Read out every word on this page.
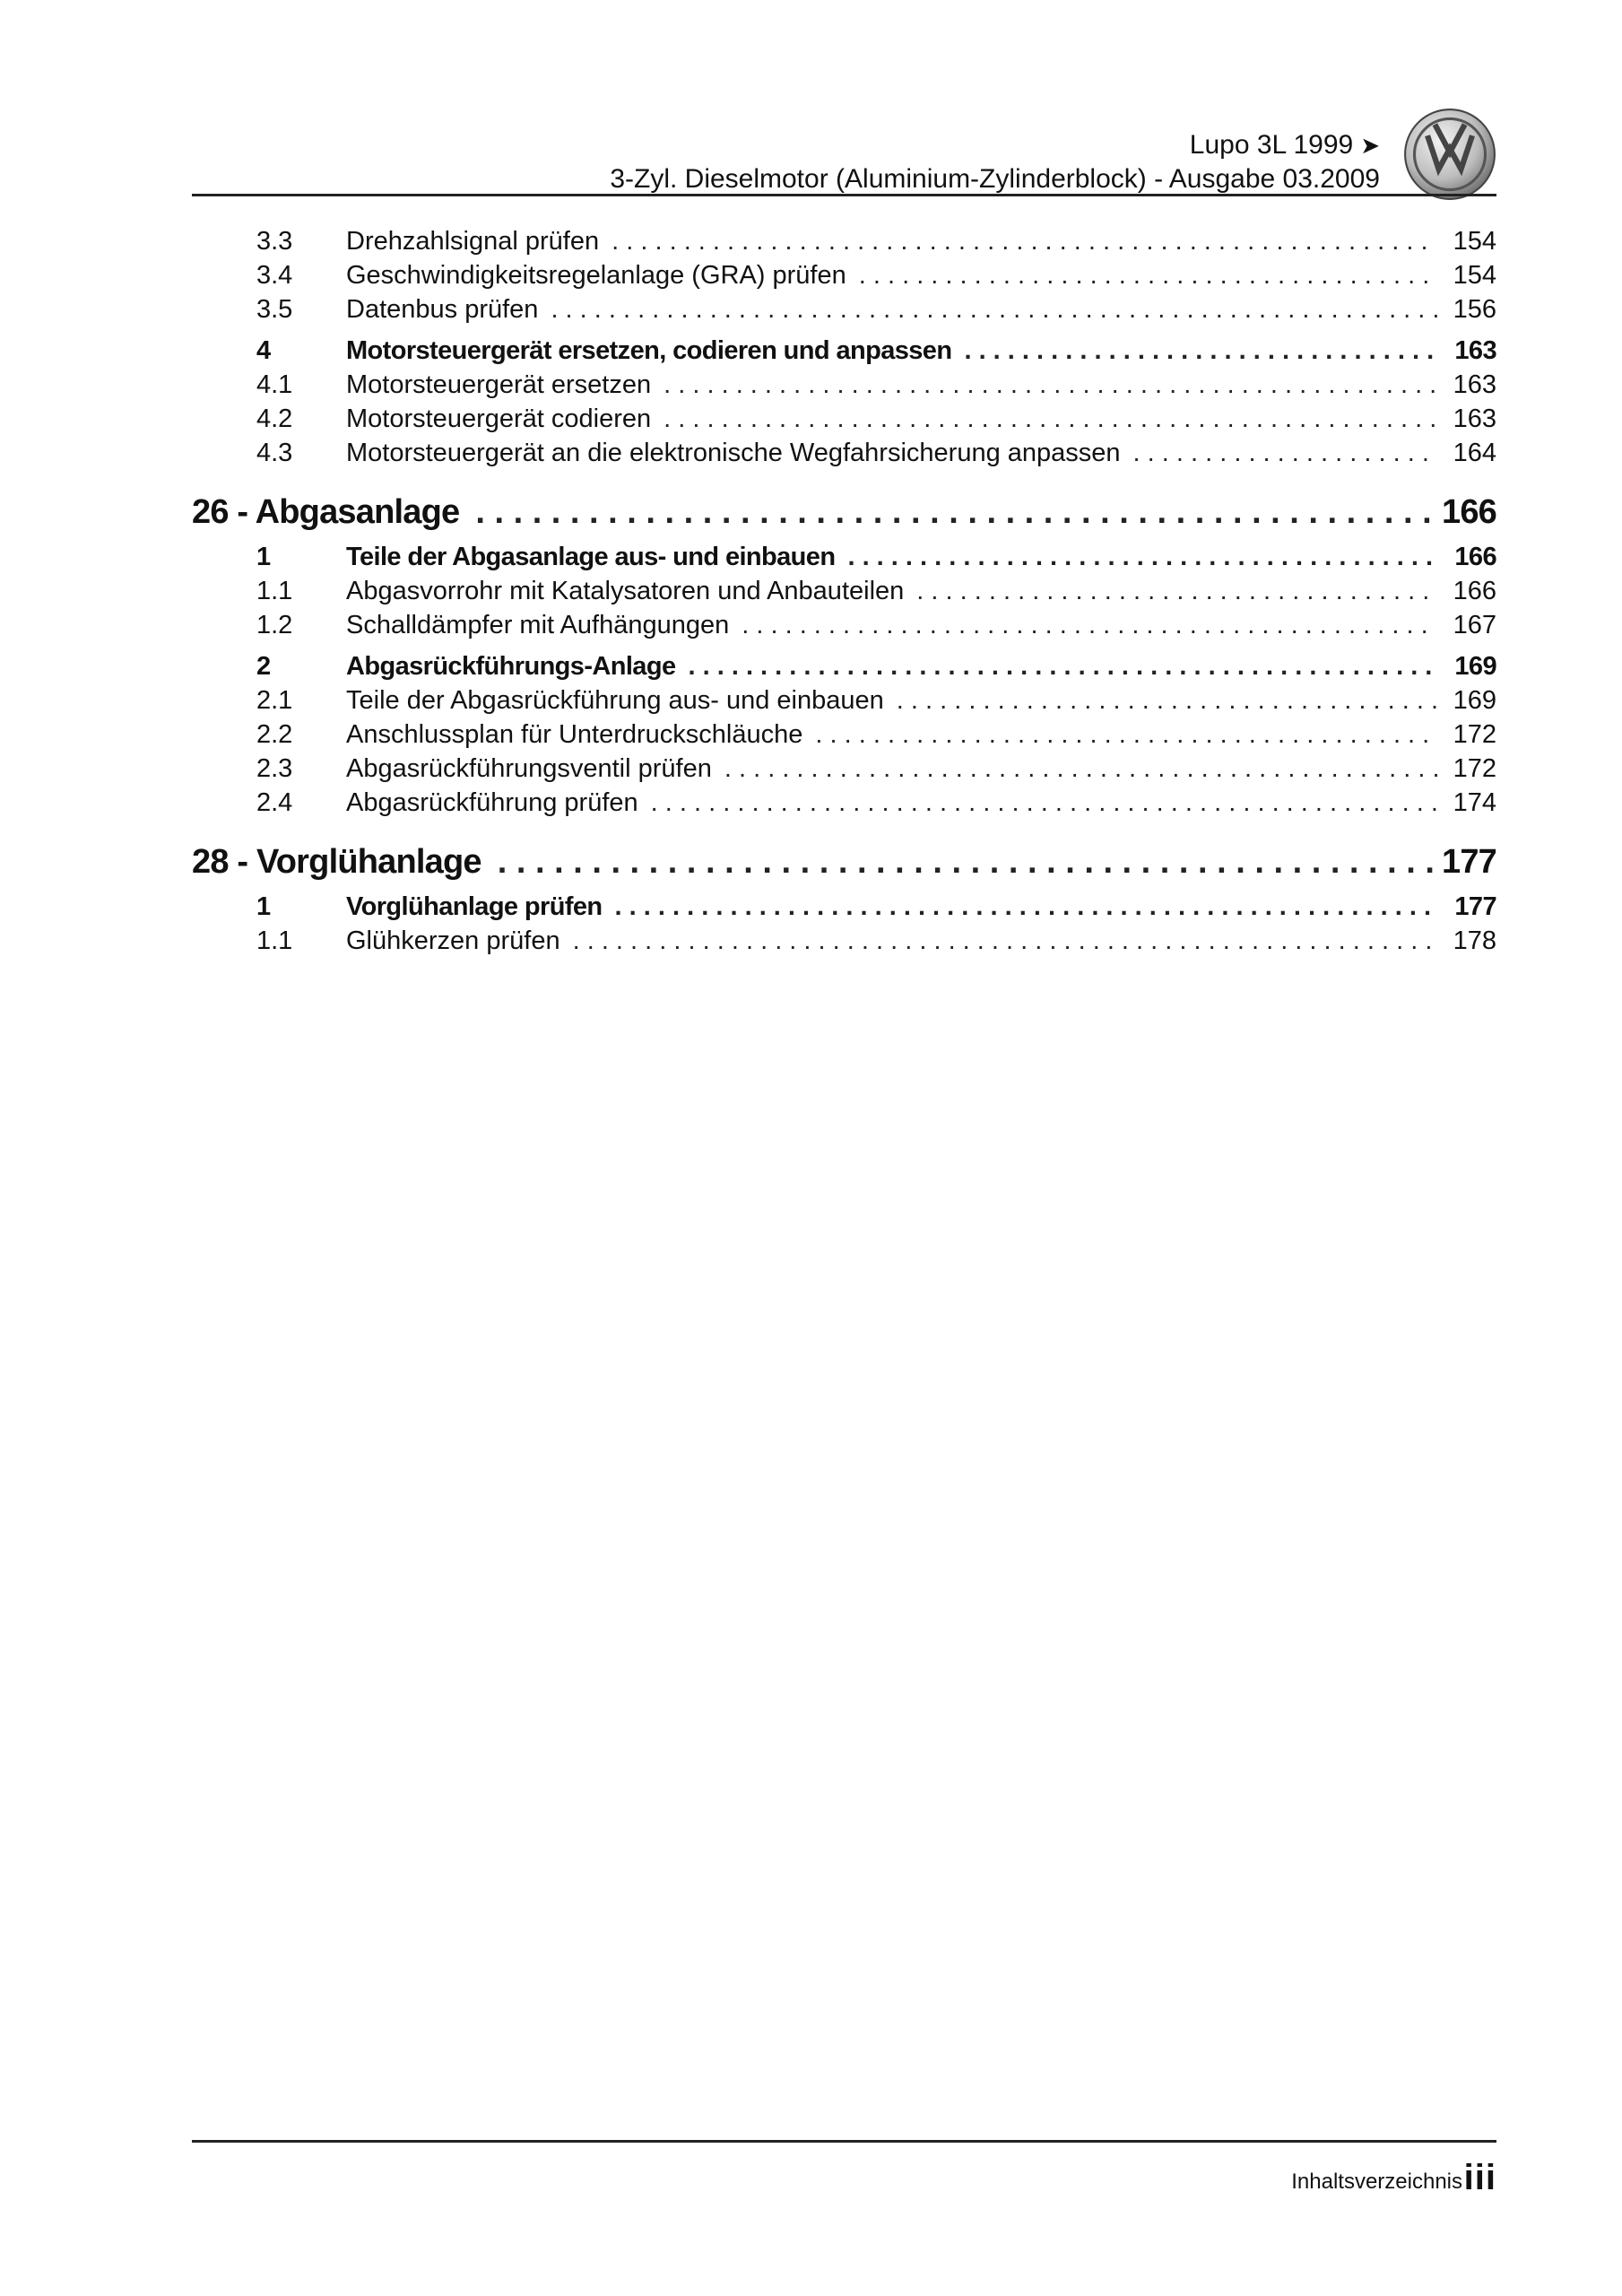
Lupo 3L 1999 ➤
3-Zyl. Dieselmotor (Aluminium-Zylinderblock) - Ausgabe 03.2009
3.3	Drehzahlsignal prüfen . . .	154
3.4	Geschwindigkeitsregelanlage (GRA) prüfen . . .	154
3.5	Datenbus prüfen . . .	156
4	Motorsteuergerät ersetzen, codieren und anpassen . . .	163
4.1	Motorsteuergerät ersetzen . . .	163
4.2	Motorsteuergerät codieren . . .	163
4.3	Motorsteuergerät an die elektronische Wegfahrsicherung anpassen . . .	164
26 - Abgasanlage . . .	166
1	Teile der Abgasanlage aus- und einbauen . . .	166
1.1	Abgasvorrohr mit Katalysatoren und Anbauteilen . . .	166
1.2	Schalldämpfer mit Aufhängungen . . .	167
2	Abgasrückführungs-Anlage . . .	169
2.1	Teile der Abgasrückführung aus- und einbauen . . .	169
2.2	Anschlussplan für Unterdruckschläuche . . .	172
2.3	Abgasrückführungsventil prüfen . . .	172
2.4	Abgasrückführung prüfen . . .	174
28 - Vorglühanlage . . .	177
1	Vorglühanlage prüfen . . .	177
1.1	Glühkerzen prüfen . . .	178
Inhaltsverzeichnis iii
